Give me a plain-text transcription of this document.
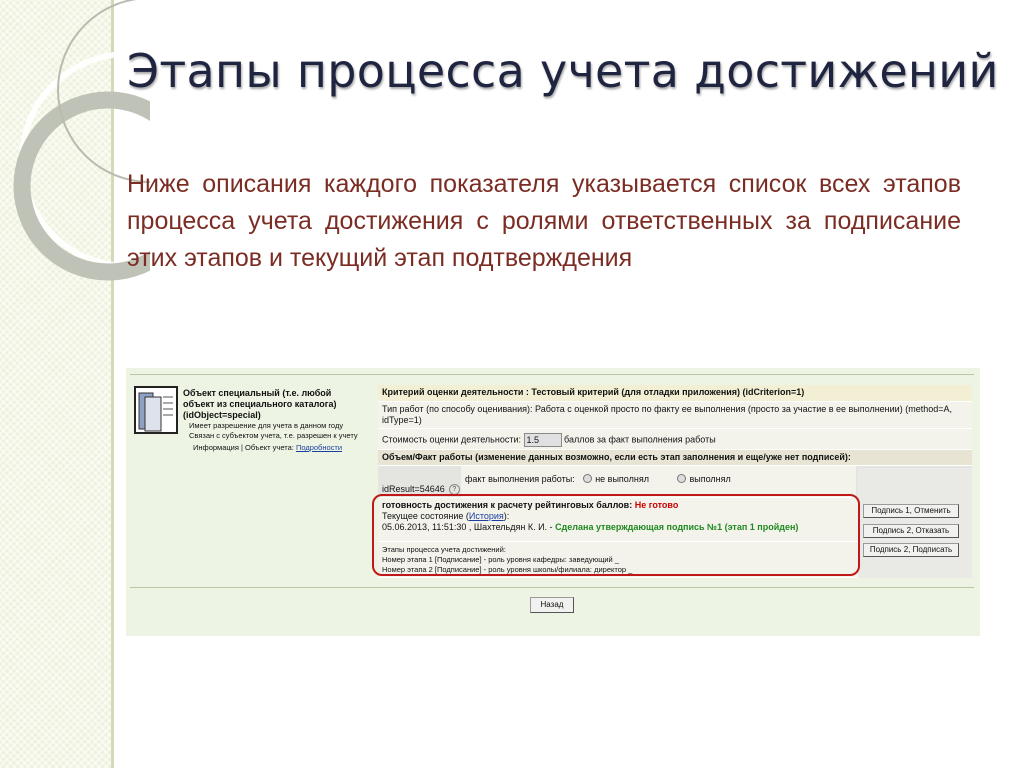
Этапы процесса учета достижений

Ниже описания каждого показателя указывается список всех этапов процесса учета достижения с ролями ответственных за подписание этих этапов и текущий этап подтверждения

Объект специальный (т.е. любой объект из специального каталога) (idObject=special)
Имеет разрешение для учета в данном году
Связан с субъектом учета, т.е. разрешен к учету
Информация | Объект учета: Подробности
Критерий оценки деятельности : Тестовый критерий (для отладки приложения) (idCriterion=1)
Тип работ (по способу оценивания): Работа с оценкой просто по факту ее выполнения (просто за участие в ее выполнении) (method=A, idType=1)
Стоимость оценки деятельности: 1.5	баллов за факт выполнения работы
Объем/Факт работы (изменение данных возможно, если есть этап заполнения и еще/уже нет подписей):
idResult=54646 ?
факт выполнения работы: не выполнял	выполнял
готовность достижения к расчету рейтинговых баллов: Не готово
Текущее состояние (История):
05.06.2013, 11:51:30 , Шахтельдян К. И. - Сделана утверждающая подпись №1 (этап 1 пройден)
Этапы процесса учета достижений:
Номер этапа 1 [Подписание] - роль уровня кафедры: заведующий _
Номер этапа 2 [Подписание] - роль уровня школы/филиала: директор _
Подпись 1, Отменить
Подпись 2, Отказать
Подпись 2, Подписать
Назад
